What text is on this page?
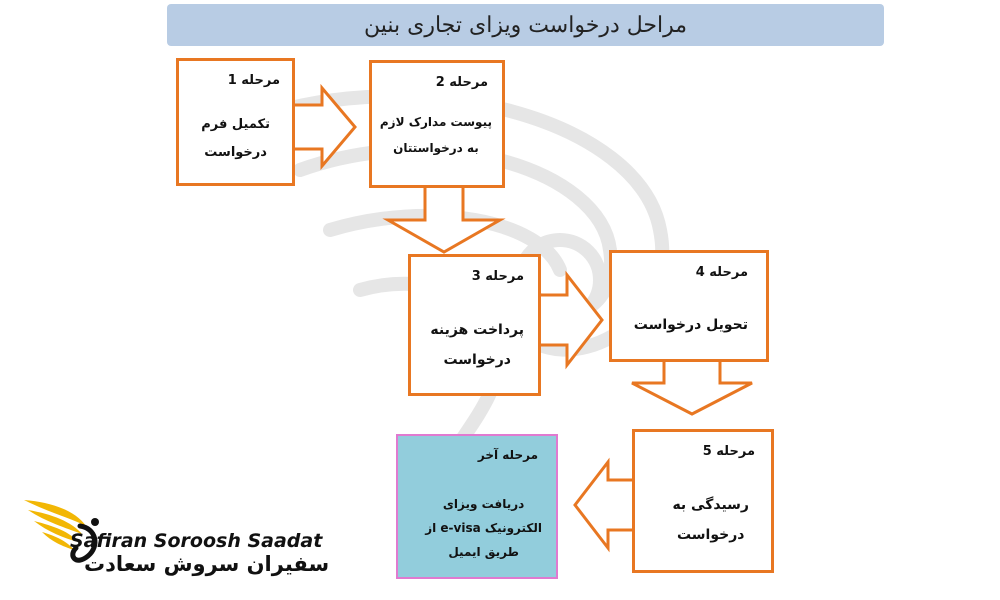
مراحل درخواست ویزای تجاری بنین
مرحله 1
تکمیل فرم
درخواست
مرحله 2
پیوست مدارک لازم
به درخواستتان
مرحله 3
پرداخت هزینه
درخواست
مرحله 4
تحویل درخواست
مرحله 5
رسیدگی به
درخواست
مرحله آخر
دریافت ویزای
الکترونیک e-visa از
طریق ایمیل
Safiran Soroosh Saadat
سفیران سروش سعادت
